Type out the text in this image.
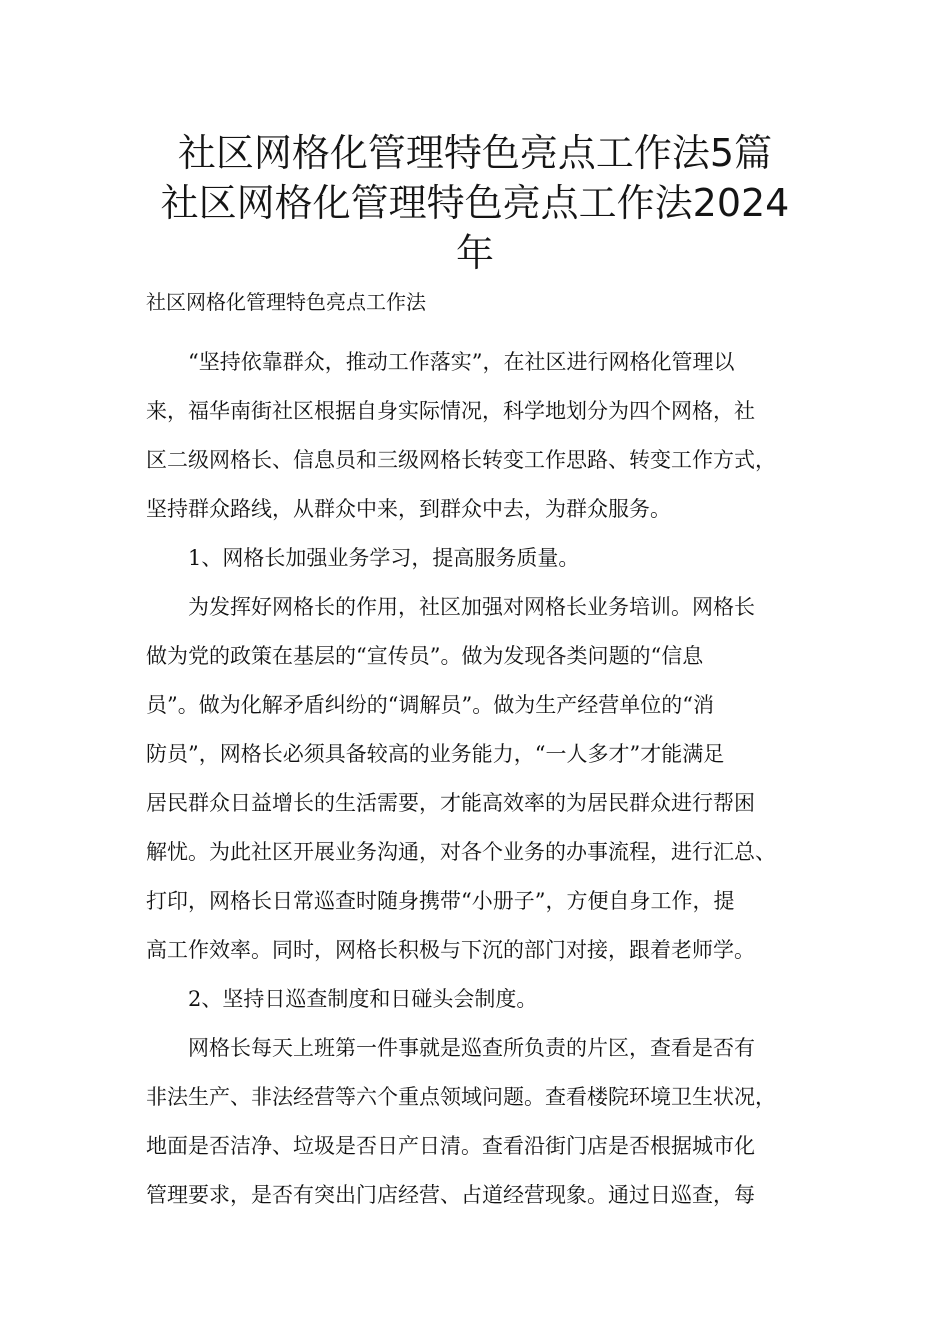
社区网格化管理特色亮点工作法5篇
社区网格化管理特色亮点工作法2024
年
社区网格化管理特色亮点工作法
“坚持依靠群众，推动工作落实”，在社区进行网格化管理以
来，福华南街社区根据自身实际情况，科学地划分为四个网格，社
区二级网格长、信息员和三级网格长转变工作思路、转变工作方式，
坚持群众路线，从群众中来，到群众中去，为群众服务。
1、网格长加强业务学习，提高服务质量。
为发挥好网格长的作用，社区加强对网格长业务培训。网格长
做为党的政策在基层的“宣传员”。做为发现各类问题的“信息
员”。做为化解矛盾纠纷的“调解员”。做为生产经营单位的“消
防员”，网格长必须具备较高的业务能力，“一人多才”才能满足
居民群众日益增长的生活需要，才能高效率的为居民群众进行帮困
解忧。为此社区开展业务沟通，对各个业务的办事流程，进行汇总、
打印，网格长日常巡查时随身携带“小册子”，方便自身工作，提
高工作效率。同时，网格长积极与下沉的部门对接，跟着老师学。
2、坚持日巡查制度和日碰头会制度。
网格长每天上班第一件事就是巡查所负责的片区，查看是否有
非法生产、非法经营等六个重点领域问题。查看楼院环境卫生状况，
地面是否洁净、垃圾是否日产日清。查看沿街门店是否根据城市化
管理要求，是否有突出门店经营、占道经营现象。通过日巡查，每
